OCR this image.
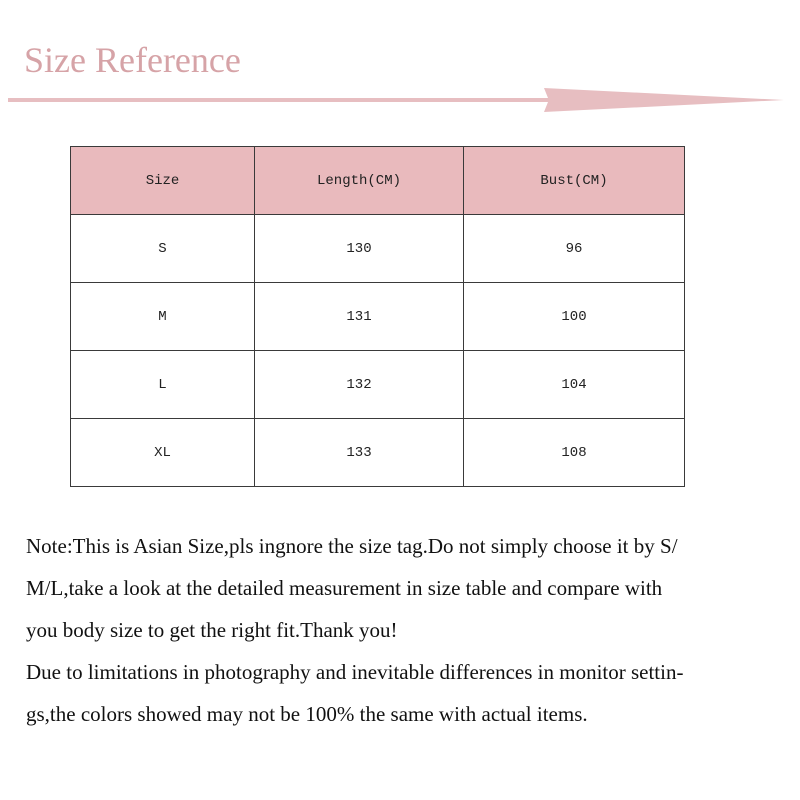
Size Reference
Size	Length(CM)	Bust(CM)
S	130	96
M	131	100
L	132	104
XL	133	108

Note:This is Asian Size,pls ingnore the size tag.Do not simply choose it by S/
M/L,take a look at the detailed measurement in size table and compare with
you body size to get the right fit.Thank you!
Due to limitations in photography and inevitable differences in monitor settin-
gs,the colors showed may not be 100% the same with actual items.
